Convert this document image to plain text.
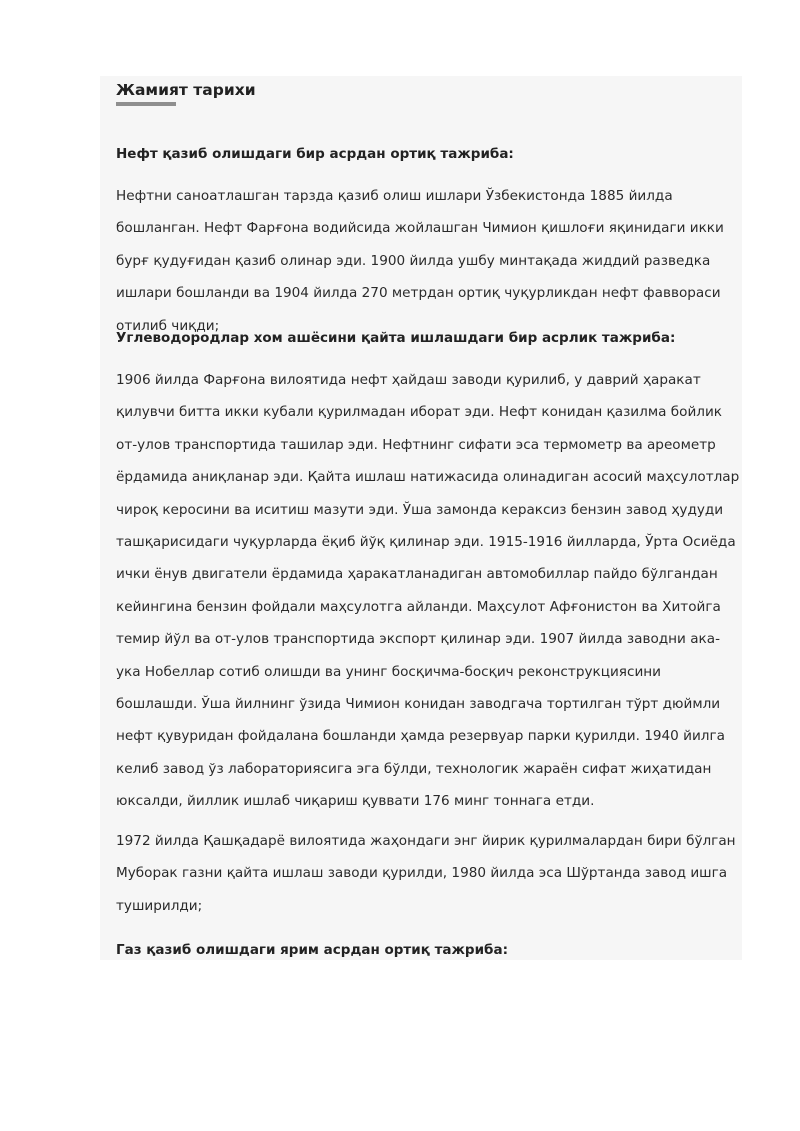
Жамият тарихи
Нефт қазиб олишдаги бир асрдан ортиқ тажриба:

Нефтни саноатлашган тарзда қазиб олиш ишлари Ўзбекистонда 1885 йилда бошланган. Нефт Фарғона водийсида жойлашган Чимион қишлоғи яқинидаги икки бурғ қудуғидан қазиб олинар эди. 1900 йилда ушбу минтақада жиддий разведка ишлари бошланди ва 1904 йилда 270 метрдан ортиқ чуқурликдан нефт фаввораси отилиб чиқди;

Углеводородлар хом ашёсини қайта ишлашдаги бир асрлик тажриба:

1906 йилда Фарғона вилоятида нефт ҳайдаш заводи қурилиб, у даврий ҳаракат қилувчи битта икки кубали қурилмадан иборат эди. Нефт конидан қазилма бойлик от-улов транспортида ташилар эди. Нефтнинг сифати эса термометр ва ареометр ёрдамида аниқланар эди. Қайта ишлаш натижасида олинадиган асосий маҳсулотлар чироқ керосини ва иситиш мазути эди. Ўша замонда кераксиз бензин завод ҳудуди ташқарисидаги чуқурларда ёқиб йўқ қилинар эди. 1915-1916 йилларда, Ўрта Осиёда ички ёнув двигатели ёрдамида ҳаракатланадиган автомобиллар пайдо бўлгандан кейингина бензин фойдали маҳсулотга айланди. Маҳсулот Афғонистон ва Хитойга темир йўл ва от-улов транспортида экспорт қилинар эди. 1907 йилда заводни ака-ука Нобеллар сотиб олишди ва унинг босқичма-босқич реконструкциясини бошлашди. Ўша йилнинг ўзида Чимион конидан заводгача тортилган тўрт дюймли нефт қувуридан фойдалана бошланди ҳамда резервуар парки қурилди. 1940 йилга келиб завод ўз лабораториясига эга бўлди, технологик жараён сифат жиҳатидан юксалди, йиллик ишлаб чиқариш қуввати 176 минг тоннага етди.

1972 йилда Қашқадарё вилоятида жаҳондаги энг йирик қурилмалардан бири бўлган Муборак газни қайта ишлаш заводи қурилди, 1980 йилда эса Шўртанда завод ишга туширилди;

Газ қазиб олишдаги ярим асрдан ортиқ тажриба:
